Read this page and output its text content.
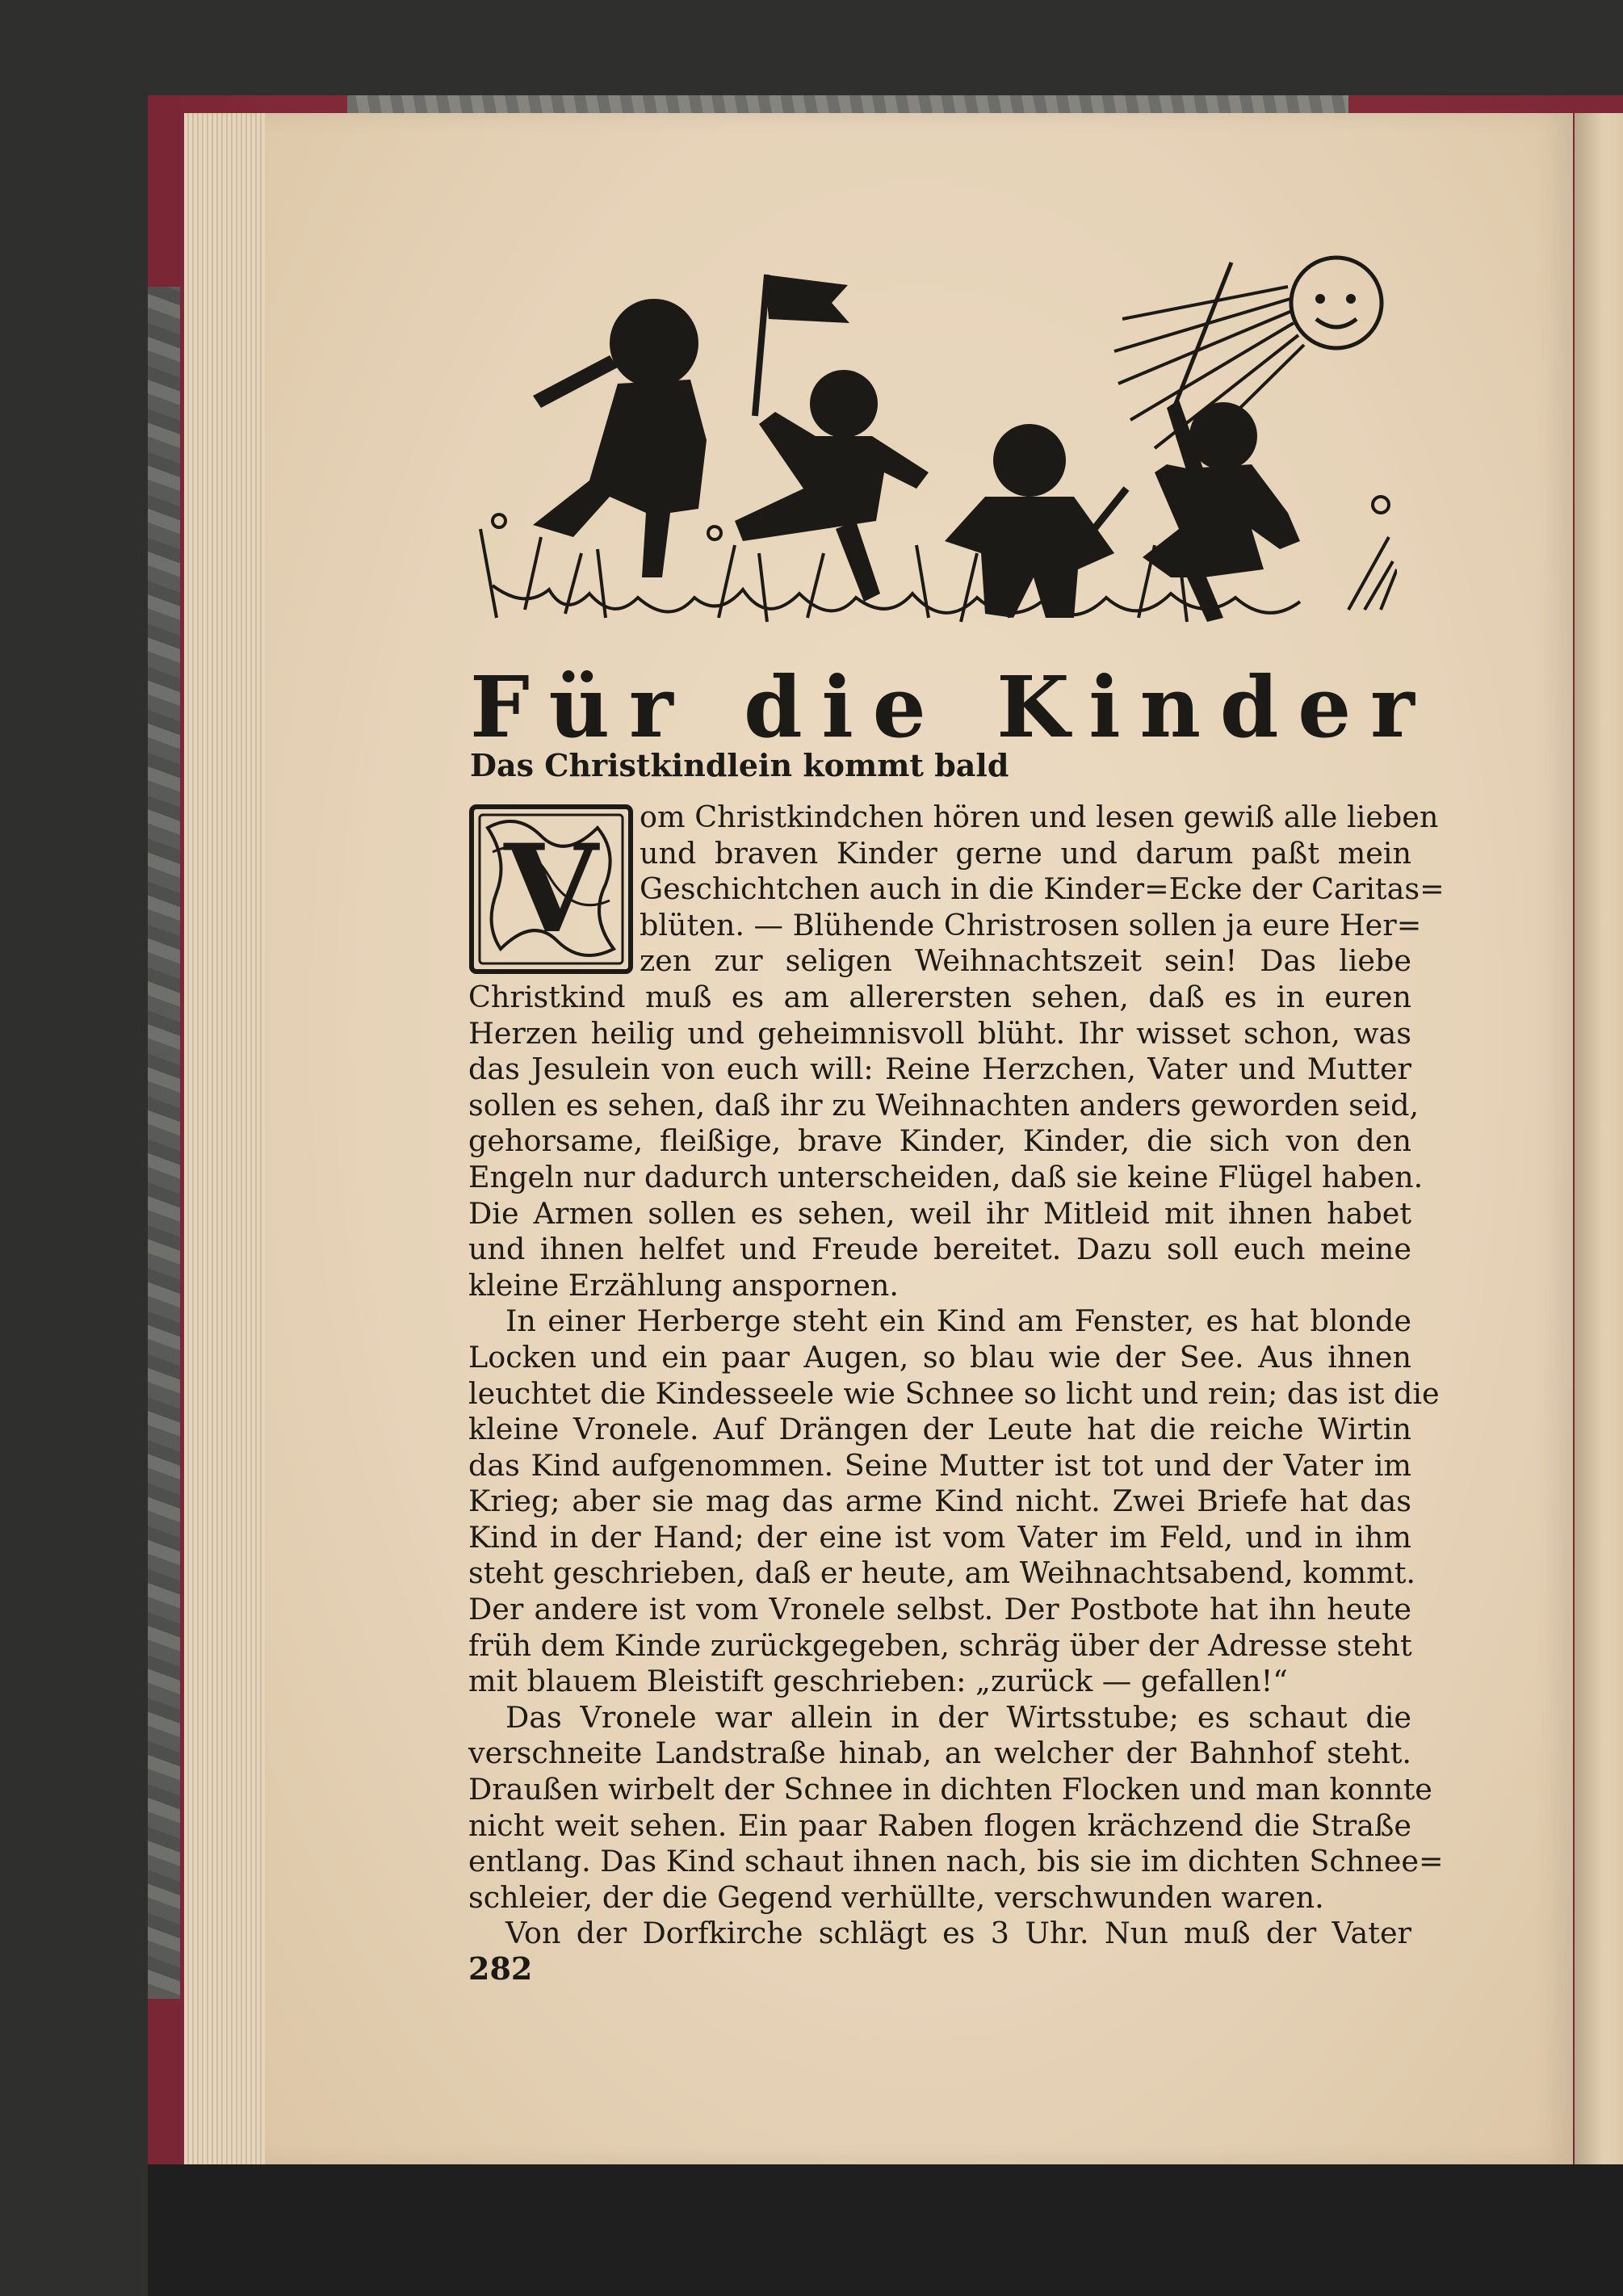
F ü r d i e K i n d e r
Das Christkindlein kommt bald
V
om Christkindchen hören und lesen gewiß alle lieben
und braven Kinder gerne und darum paßt mein
Geschichtchen auch in die Kinder=Ecke der Caritas=
blüten. — Blühende Christrosen sollen ja eure Her=
zen zur seligen Weihnachtszeit sein! Das liebe
Christkind muß es am allerersten sehen, daß es in euren
Herzen heilig und geheimnisvoll blüht. Ihr wisset schon, was
das Jesulein von euch will: Reine Herzchen, Vater und Mutter
sollen es sehen, daß ihr zu Weihnachten anders geworden seid,
gehorsame, fleißige, brave Kinder, Kinder, die sich von den
Engeln nur dadurch unterscheiden, daß sie keine Flügel haben.
Die Armen sollen es sehen, weil ihr Mitleid mit ihnen habet
und ihnen helfet und Freude bereitet. Dazu soll euch meine
kleine Erzählung anspornen.
In einer Herberge steht ein Kind am Fenster, es hat blonde
Locken und ein paar Augen, so blau wie der See. Aus ihnen
leuchtet die Kindesseele wie Schnee so licht und rein; das ist die
kleine Vronele. Auf Drängen der Leute hat die reiche Wirtin
das Kind aufgenommen. Seine Mutter ist tot und der Vater im
Krieg; aber sie mag das arme Kind nicht. Zwei Briefe hat das
Kind in der Hand; der eine ist vom Vater im Feld, und in ihm
steht geschrieben, daß er heute, am Weihnachtsabend, kommt.
Der andere ist vom Vronele selbst. Der Postbote hat ihn heute
früh dem Kinde zurückgegeben, schräg über der Adresse steht
mit blauem Bleistift geschrieben: „zurück — gefallen!“
Das Vronele war allein in der Wirtsstube; es schaut die
verschneite Landstraße hinab, an welcher der Bahnhof steht.
Draußen wirbelt der Schnee in dichten Flocken und man konnte
nicht weit sehen. Ein paar Raben flogen krächzend die Straße
entlang. Das Kind schaut ihnen nach, bis sie im dichten Schnee=
schleier, der die Gegend verhüllte, verschwunden waren.
Von der Dorfkirche schlägt es 3 Uhr. Nun muß der Vater
282
